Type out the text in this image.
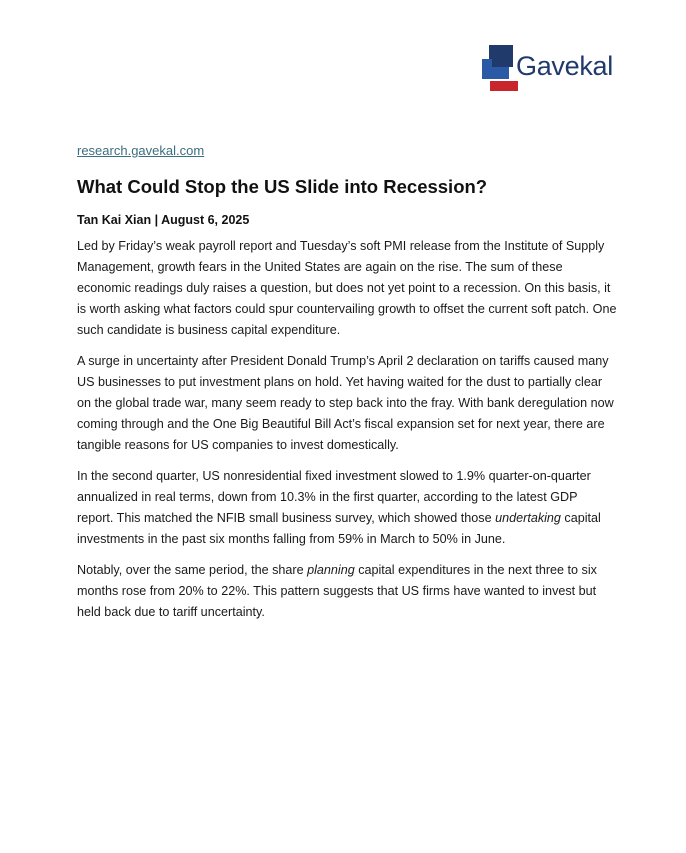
Gavekal
research.gavekal.com
What Could Stop the US Slide into Recession?
Tan Kai Xian | August 6, 2025

Led by Friday’s weak payroll report and Tuesday’s soft PMI release from the Institute of Supply Management, growth fears in the United States are again on the rise. The sum of these economic readings duly raises a question, but does not yet point to a recession. On this basis, it is worth asking what factors could spur countervailing growth to offset the current soft patch. One such candidate is business capital expenditure.

A surge in uncertainty after President Donald Trump’s April 2 declaration on tariffs caused many US businesses to put investment plans on hold. Yet having waited for the dust to partially clear on the global trade war, many seem ready to step back into the fray. With bank deregulation now coming through and the One Big Beautiful Bill Act’s fiscal expansion set for next year, there are tangible reasons for US companies to invest domestically.

In the second quarter, US nonresidential fixed investment slowed to 1.9% quarter-on-quarter annualized in real terms, down from 10.3% in the first quarter, according to the latest GDP report. This matched the NFIB small business survey, which showed those undertaking capital investments in the past six months falling from 59% in March to 50% in June.

Notably, over the same period, the share planning capital expenditures in the next three to six months rose from 20% to 22%. This pattern suggests that US firms have wanted to invest but held back due to tariff uncertainty.
